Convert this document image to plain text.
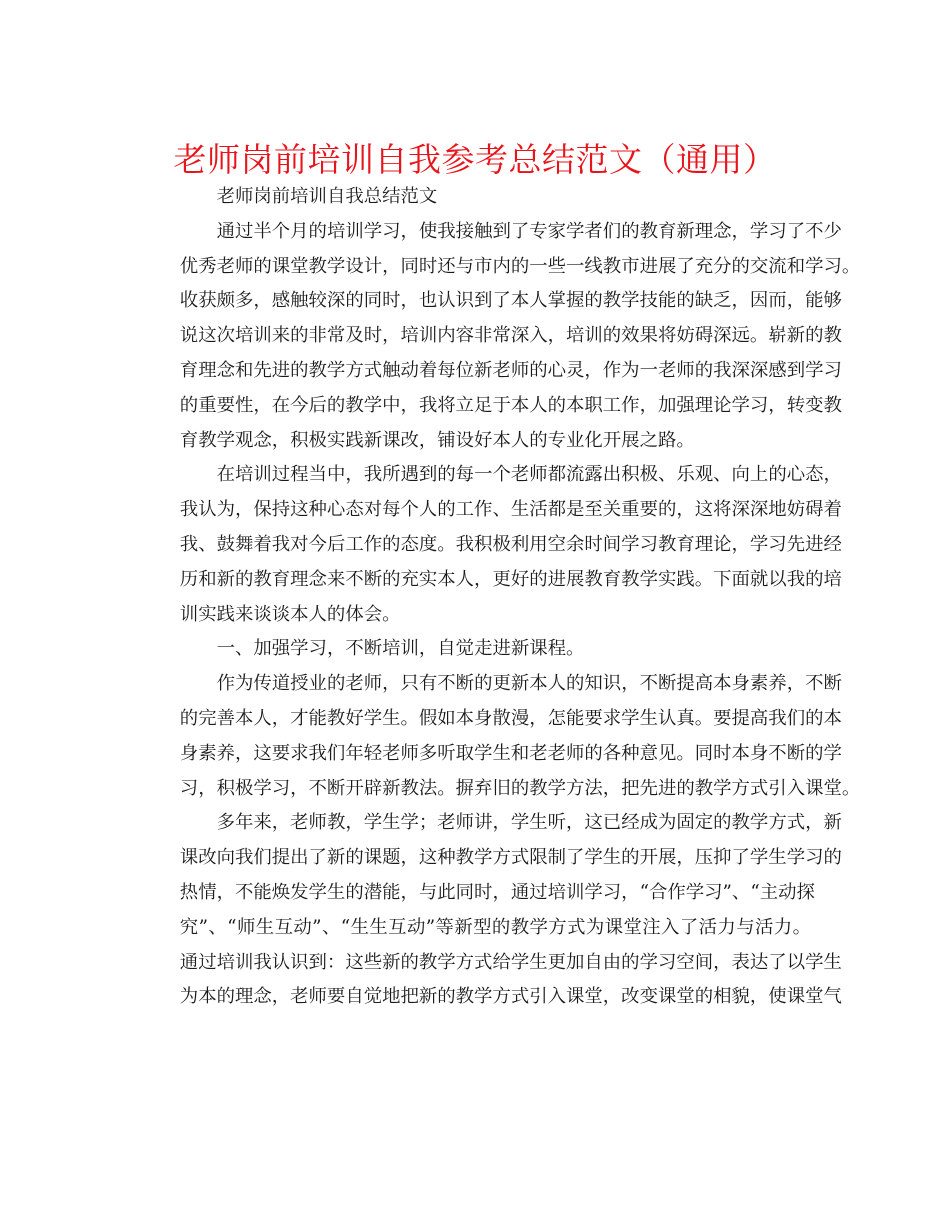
老师岗前培训自我参考总结范文（通用）

老师岗前培训自我总结范文

通过半个月的培训学习，使我接触到了专家学者们的教育新理念，学习了不少
优秀老师的课堂教学设计，同时还与市内的一些一线教市进展了充分的交流和学习。
收获颇多，感触较深的同时，也认识到了本人掌握的教学技能的缺乏，因而，能够
说这次培训来的非常及时，培训内容非常深入，培训的效果将妨碍深远。崭新的教
育理念和先进的教学方式触动着每位新老师的心灵，作为一老师的我深深感到学习
的重要性，在今后的教学中，我将立足于本人的本职工作，加强理论学习，转变教
育教学观念，积极实践新课改，铺设好本人的专业化开展之路。

在培训过程当中，我所遇到的每一个老师都流露出积极、乐观、向上的心态，
我认为，保持这种心态对每个人的工作、生活都是至关重要的，这将深深地妨碍着
我、鼓舞着我对今后工作的态度。我积极利用空余时间学习教育理论，学习先进经
历和新的教育理念来不断的充实本人，更好的进展教育教学实践。下面就以我的培
训实践来谈谈本人的体会。

一、加强学习，不断培训，自觉走进新课程。

作为传道授业的老师，只有不断的更新本人的知识，不断提高本身素养，不断
的完善本人，才能教好学生。假如本身散漫，怎能要求学生认真。要提高我们的本
身素养，这要求我们年轻老师多听取学生和老老师的各种意见。同时本身不断的学
习，积极学习，不断开辟新教法。摒弃旧的教学方法，把先进的教学方式引入课堂。

多年来，老师教，学生学；老师讲，学生听，这已经成为固定的教学方式，新
课改向我们提出了新的课题，这种教学方式限制了学生的开展，压抑了学生学习的
热情，不能焕发学生的潜能，与此同时，通过培训学习，“合作学习”、“主动探
究”、“师生互动”、“生生互动”等新型的教学方式为课堂注入了活力与活力。
通过培训我认识到：这些新的教学方式给学生更加自由的学习空间，表达了以学生
为本的理念，老师要自觉地把新的教学方式引入课堂，改变课堂的相貌，使课堂气
